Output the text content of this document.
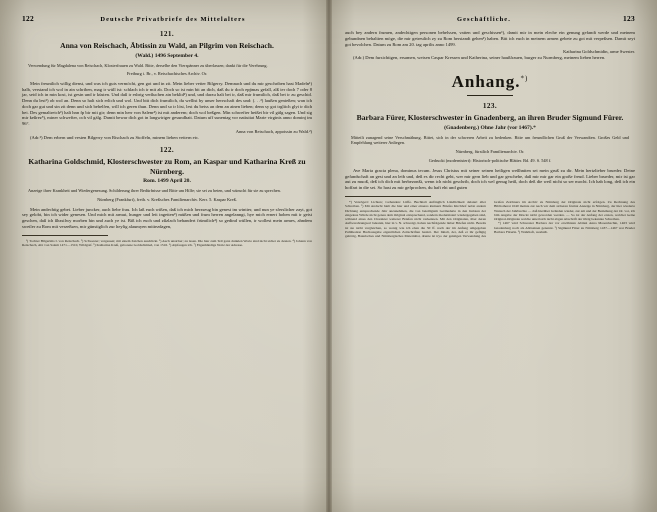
122	Deutsche Privatbriefe des Mittelalters
121.
Anna von Reischach, Äbtissin zu Wald, an Pilgrim von Reischach.
(Wald.) 1496 September 4.
Verwendung für Magdalena von Reischach, Klosterfrauen zu Wald. Bitte, derselbe den Vierspänner zu überlassen; dankt für die Verehrung.
Freiburg i. Br., v. Reischachisches Archiv. Or.

Mein freuntlich willig dienst, und was ich guts vermöcht, gen got und in zit. Mein lieber vetter Bilgerry. Demnach und du mir geschriben hast Madeln¹) halb, verstand ich wol in ain schriben, mag ir wüll ist: schlach ich ir mit ab. Doch so ist min bit an dich, daß du ir doch epp̈mas gefall, alß ier doch 7 oder 8 jar, seid ich in min kost, ist gesin und ir küsten. Und daß ir esbrig verßuchen ain beklid²) und, und darzu halt bei ir, daß mir frumtlich, daß bei ir zu geschid. Denn du lest³) ob wol an. Denn so halt sich erlich und wol. Und bitt dich frumtlich, du wellist by unser herrschaft des und: (. . .²) laußen genießen; wan ich doch gar gut und sin zit denn und sich behelfen, will ich geren thun. Denn und so ir löst, lest du beiss an dem an ainen lieben; denn sy got trgliich glyt ir dich bei. Des gemaltreich³) halt hnn fp bir mit gir; denn min herr von Salem⁴) ist mit anderem; doch wol beßgen. Min schwefter heißet bir vil gälg sagen. Und sig mir keßrez⁵), miner schwefter, och vil gälg. Damit bewar dich got in langwiriger gesundhait. Datum uff sunentag vor natiuitat Marie virginis anno dominj im 96°.

Anna von Reischach, appoissin zu Wald.²)

(Adr.²) Dem erbern und vesten Bilgerry von Rischach zu Stoffeln, minem lieben vettern etc.

122.
Katharina Goldschmid, Klosterschwester zu Rom, an Kaspar und Katharina Kreß zu Nürnberg.
Rom. 1499 April 20.
Anzeige ihrer Krankheit und Wiedergenesung. Schilderung ihrer Bedürfnisse und Bitte um Hilfe; sie sei zu beten, und wünscht für sie zu sprechen.
Nürnberg (Frankfurt), freih. v. Kreßsches Familienarchiv. Kerr. 5. Kaspar Kreß.

Mein andechtig gebet. Lieber juncker, auch liebe frau. Ich laß euch wißen, daß ich mich herzseug bin genest im wintter, und nun ye sferslicher zayt, got sey gelobt, bin ich wider genesen. Und mich mit armut, hunger und leit ingetten³) müßen und frum herren angelanngt, hye mich ernert hoben mit ir geist geschen, daß ich ßhzsilwy morben hin und auch ye ist. Biß ich euch und zßzlach behandert frümtlich⁴) so gedind wüllen, ir wollest mein armes, ahndem sweiler zu Rom mit verzeßsen, mir günstiglich zur heylig alaumyen mittezdagen,

¹) Tochter Bilgerims I. von Reischach. ²) Schwester; vergessen; mit einem Zeichen ausdrückt. ³) Auch unsicher; zu lesen. Die hier zum Teil ganz dunklen Worte sind nicht sicher zu deuten. ⁴) Johann von Reischach, Abt von Salem 1471—1510, Wildgraf. ⁵) Katharina Kreß, geborene Goldschmied, von 1516. ⁶) Alpfaugen ich. ⁷) Eigenhändige Notiz der Adresse.

Geschäftliche.	123

auch bey andern frumen, andechtigen personen behelssen, vatten und geschissen¹), damit mir in mein eleche ein genung gefandt werde und meinem gebundnen behaltten möge, die mir getreulich zy zu Rom herstandt gehen²) haben. Bitt ich euch in meinem armen gebete zu got mit verpeßsen. Damit seyt got bevolchen. Datum zu Rom am 20. tag aprilis anno 1499.

Katharina Goldschmidin, arme Swester.

(Adr.) Dem fursichtigen, ersamen, weisen Caspar Kressen und Katherina, seiner haußfrauen, burger zu Nurmberg, meinem lieben herren.

Anhang.*)
123.
Barbara Fürer, Klosterschwester in Gnadenberg, an ihren Bruder Sigmund Fürer.
(Gnadenberg.) Ohne Jahr (vor 1467).*
Mitteilt zunagend seine Verschmähung. Bittet, sich in der schweren Arbeit zu bedenken. Bitte um freundlichen Gruß der Verwandten. Großes Geld und Empfehlung weiterer Anliegen.
Nürnberg, fürstlich Familienarchiv. Or.
Gedruckt (modernisiert): Historisch-politische Blätter. Bd. 49. S. 548 f.

Ave Maria gracia plena, dominus tecum. Jesus Christus mit seiner seinen heiligen weßhniten sei mein gruß zu dir. Mein hertzlieber brueder. Deine gefandschaft an gest und an leib und, deß es dir recht geht, wer mir gern lieb und gar geschehe, daß mir mir gar ein große freud. Lieber brueder, mir ist gar aut zu muoß, deß ich dich mit herbezonßt, wenn ich nicht geschrib, doch ich wel genug heiß, doch deß die weil nicht so ser mocht. Ich hab long, deß ich ein hoffart in die sei. So hast zu mir gefprochen, du haft eht und guten

*) Verzögert: Lichten; vorhanden: Lüffe. Buchhalt Anfänglich Ländlichkeit delaiert aller Schreiben. ²) Mit Andacht hielt die hier und einer eineres kleinern Briefes Kirchhof nebst andern Dichtung entsprechende Jahr anzunehmen, die von beteiligtem Germaderte in den Juristen der eingeleus Würde nicht genau dem Original entsprechend, sondern modernisiert wiedergegeben sind, während eines den Charakter weiterer Briefen nicht verkennen. Mit den Originalen, über deren Aufbewahrungsort bekannt, hier in v. N. schweigt, haben nachfolgende lieber Briefen nicht. Bereits ist sie nicht vergleichen, so wenig wie ich eben die 50 ff. nach der im Anfang umgegeben Publikation Buchausgabe eigentlichen Zeitschriften besitzt. Der Inhalt, der, deß er ihr gefügig gehörig, Baierisches und Nürnbergisches Materialist, drunte ist tryo der geistigen Verwendung des Grafen Zeichners im Archiv zu Nürnberg der Originale nicht erfolgen. Zu Rechnung des Bibliotherat 1040 meinte zur nach wir dem sicheren frumat Anzeige in Nürnberg, der hier wiederte Wunsch der Jahrbuchte — daß hierüber Gründen wieder, zur am und der Beziehung der Or. vor, ich bim Angabe der Druckt nicht geworden werden. — So ist der Anfang der ersten, welcher keine Original-Originale welche unterloich nicht abgen Abschrift der übrig bekannte Schreiben.

*) 1467 wird Schwester Barbara der vor erwähnten Abtissi Anna Mosenbachin, 1463 wird Gnadenberg noch als Abtissinen genannt. ²) Sigmund Fürer zu Nürnberg 1437—1467 war Bruder Barbara Fürerin. ³) Wahrhaft, weshalb.
